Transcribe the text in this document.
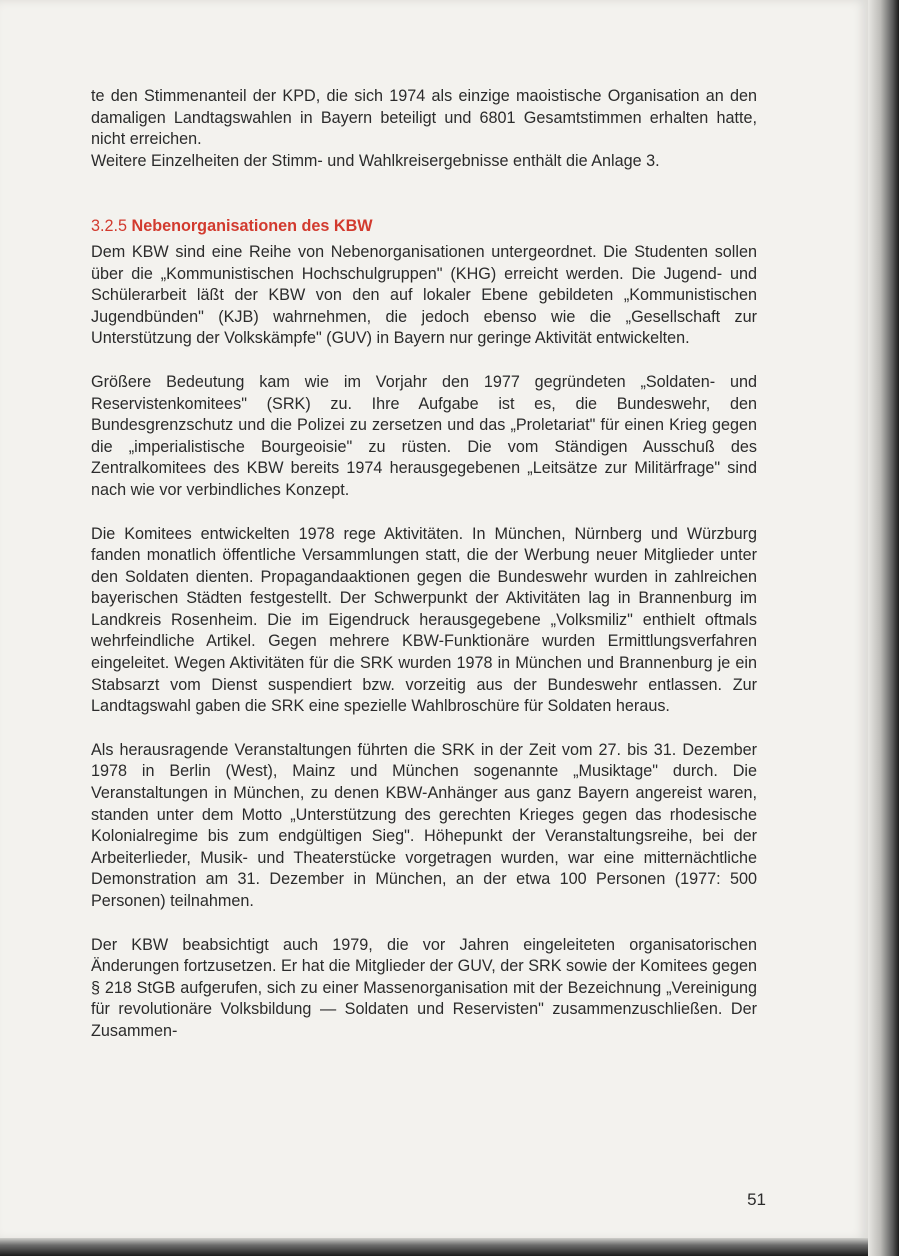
te den Stimmenanteil der KPD, die sich 1974 als einzige maoistische Organisation an den damaligen Landtagswahlen in Bayern beteiligt und 6801 Gesamtstimmen erhalten hatte, nicht erreichen.

Weitere Einzelheiten der Stimm- und Wahlkreisergebnisse enthält die Anlage 3.

3.2.5 Nebenorganisationen des KBW

Dem KBW sind eine Reihe von Nebenorganisationen untergeordnet. Die Studenten sollen über die „Kommunistischen Hochschulgruppen" (KHG) erreicht werden. Die Jugend- und Schülerarbeit läßt der KBW von den auf lokaler Ebene gebildeten „Kommunistischen Jugendbünden" (KJB) wahrnehmen, die jedoch ebenso wie die „Gesellschaft zur Unterstützung der Volkskämpfe" (GUV) in Bayern nur geringe Aktivität entwickelten.

Größere Bedeutung kam wie im Vorjahr den 1977 gegründeten „Soldaten- und Reservistenkomitees" (SRK) zu. Ihre Aufgabe ist es, die Bundeswehr, den Bundesgrenzschutz und die Polizei zu zersetzen und das „Proletariat" für einen Krieg gegen die „imperialistische Bourgeoisie" zu rüsten. Die vom Ständigen Ausschuß des Zentralkomitees des KBW bereits 1974 herausgegebenen „Leitsätze zur Militärfrage" sind nach wie vor verbindliches Konzept.

Die Komitees entwickelten 1978 rege Aktivitäten. In München, Nürnberg und Würzburg fanden monatlich öffentliche Versammlungen statt, die der Werbung neuer Mitglieder unter den Soldaten dienten. Propagandaaktionen gegen die Bundeswehr wurden in zahlreichen bayerischen Städten festgestellt. Der Schwerpunkt der Aktivitäten lag in Brannenburg im Landkreis Rosenheim. Die im Eigendruck herausgegebene „Volksmiliz" enthielt oftmals wehrfeindliche Artikel. Gegen mehrere KBW-Funktionäre wurden Ermittlungsverfahren eingeleitet. Wegen Aktivitäten für die SRK wurden 1978 in München und Brannenburg je ein Stabsarzt vom Dienst suspendiert bzw. vorzeitig aus der Bundeswehr entlassen. Zur Landtagswahl gaben die SRK eine spezielle Wahlbroschüre für Soldaten heraus.

Als herausragende Veranstaltungen führten die SRK in der Zeit vom 27. bis 31. Dezember 1978 in Berlin (West), Mainz und München sogenannte „Musiktage" durch. Die Veranstaltungen in München, zu denen KBW-Anhänger aus ganz Bayern angereist waren, standen unter dem Motto „Unterstützung des gerechten Krieges gegen das rhodesische Kolonialregime bis zum endgültigen Sieg". Höhepunkt der Veranstaltungsreihe, bei der Arbeiterlieder, Musik- und Theaterstücke vorgetragen wurden, war eine mitternächtliche Demonstration am 31. Dezember in München, an der etwa 100 Personen (1977: 500 Personen) teilnahmen.

Der KBW beabsichtigt auch 1979, die vor Jahren eingeleiteten organisatorischen Änderungen fortzusetzen. Er hat die Mitglieder der GUV, der SRK sowie der Komitees gegen § 218 StGB aufgerufen, sich zu einer Massenorganisation mit der Bezeichnung „Vereinigung für revolutionäre Volksbildung — Soldaten und Reservisten" zusammenzuschließen. Der Zusammen-

51
